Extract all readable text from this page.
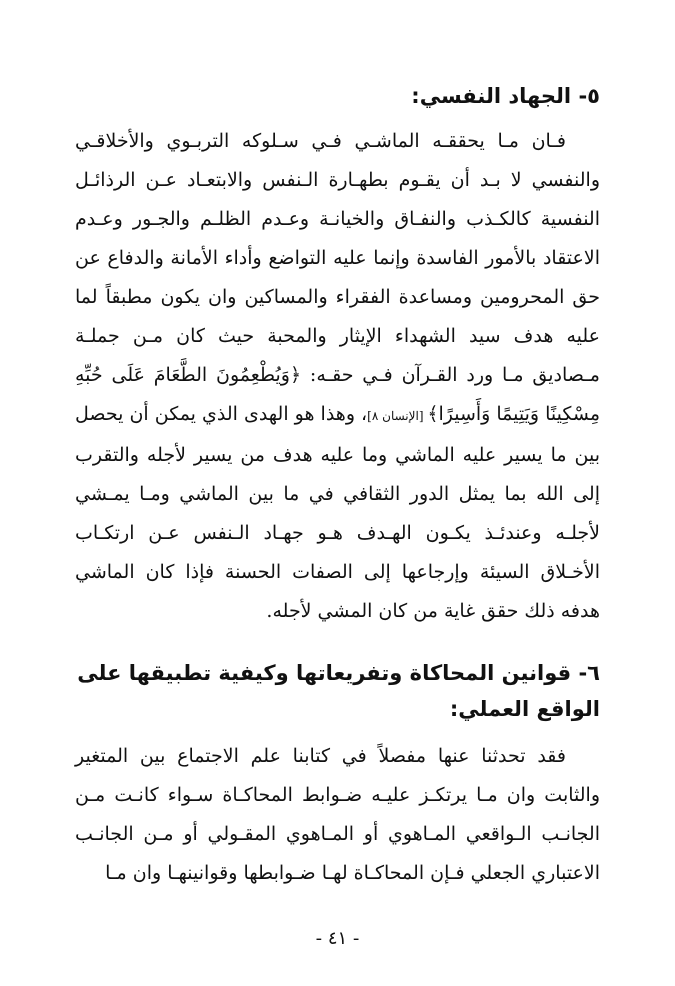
٥- الجهاد النفسي:

فـان مـا يحققـه الماشـي فـي سـلوكه التربـوي والأخلاقـي والنفسي لا بـد أن يقـوم بطهـارة الـنفس والابتعـاد عـن الرذائـل النفسية كالكـذب والنفـاق والخيانـة وعـدم الظلـم والجـور وعـدم الاعتقاد بالأمور الفاسدة وإنما عليه التواضع وأداء الأمانة والدفاع عن حق المحرومين ومساعدة الفقراء والمساكين وان يكون مطبقاً لما عليه هدف سيد الشهداء الإيثار والمحبة حيث كان مـن جملـة مـصاديق مـا ورد القـرآن فـي حقـه: ﴿وَيُطْعِمُونَ الطَّعَامَ عَلَى حُبِّهِ مِسْكِينًا وَيَتِيمًا وَأَسِيرًا﴾ [الإنسان ٨]، وهذا هو الهدى الذي يمكن أن يحصل بين ما يسير عليه الماشي وما عليه هدف من يسير لأجله والتقرب إلى الله بما يمثل الدور الثقافي في ما بين الماشي ومـا يمـشي لأجلـه وعندئـذ يكـون الهـدف هـو جهـاد الـنفس عـن ارتكـاب الأخـلاق السيئة وإرجاعها إلى الصفات الحسنة فإذا كان الماشي هدفه ذلك حقق غاية من كان المشي لأجله.

٦- قوانين المحاكاة وتفريعاتها وكيفية تطبيقها على الواقع العملي:

فقد تحدثنا عنها مفصلاً في كتابنا علم الاجتماع بين المتغير والثابت وان مـا يرتكـز عليـه ضـوابط المحاكـاة سـواء كانـت مـن الجانـب الـواقعي المـاهوي أو المـاهوي المقـولي أو مـن الجانـب الاعتباري الجعلي فـإن المحاكـاة لهـا ضـوابطها وقوانينهـا وان مـا

- ٤١ -
